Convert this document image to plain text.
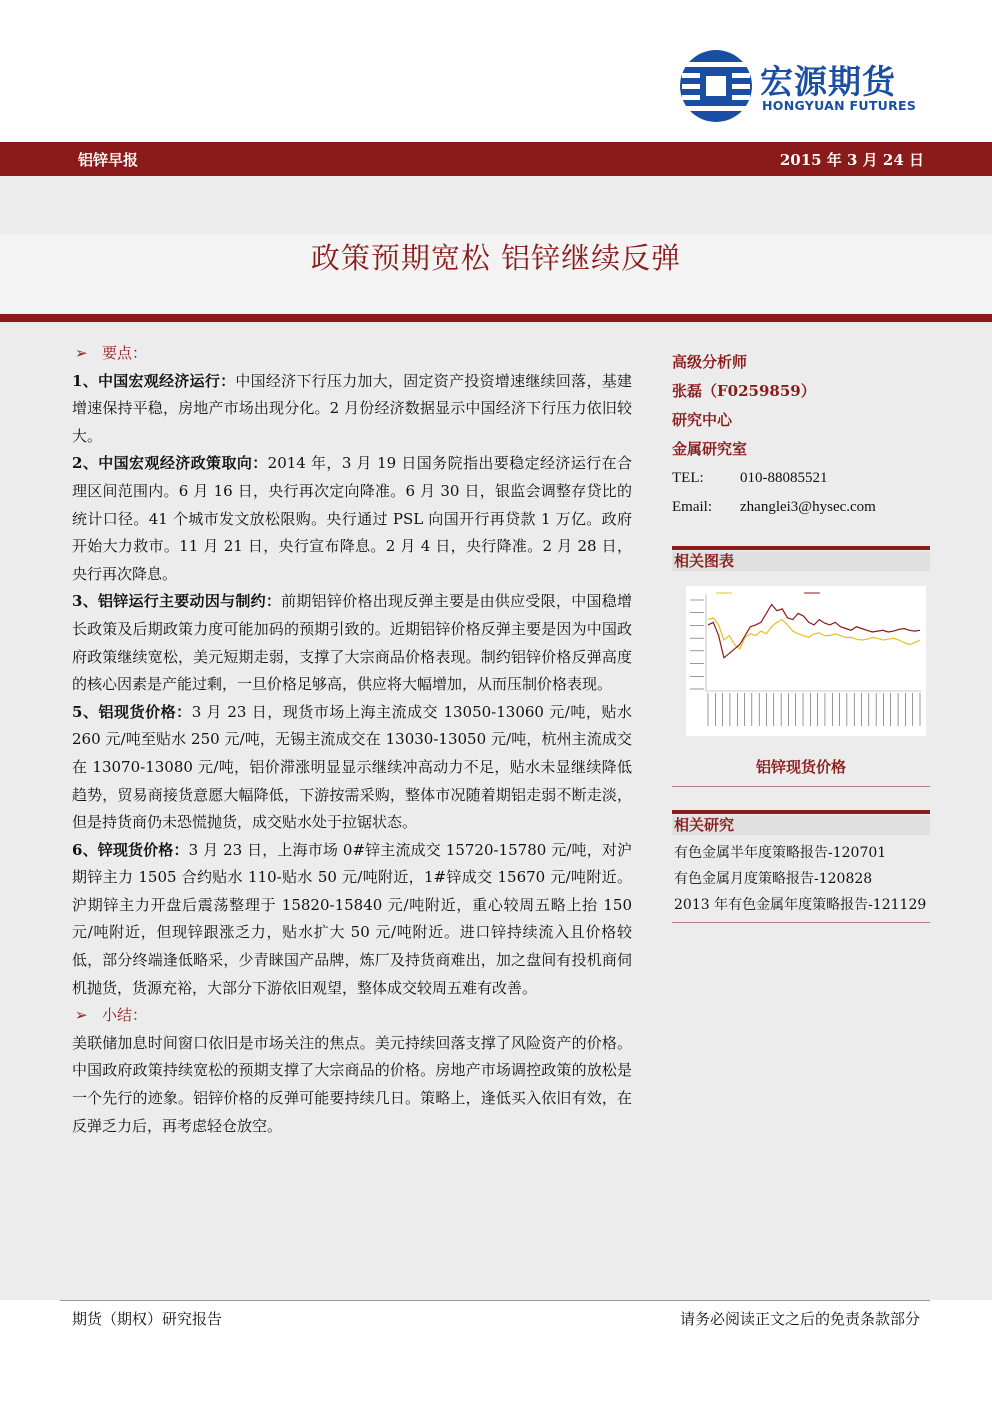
宏源期货
HONGYUAN FUTURES
铝锌早报	2015 年 3 月 24 日
政策预期宽松 铝锌继续反弹

➢ 要点：

1、中国宏观经济运行：中国经济下行压力加大，固定资产投资增速继续回落，基建增速保持平稳，房地产市场出现分化。2 月份经济数据显示中国经济下行压力依旧较大。

2、中国宏观经济政策取向：2014 年，3 月 19 日国务院指出要稳定经济运行在合理区间范围内。6 月 16 日，央行再次定向降准。6 月 30 日，银监会调整存贷比的统计口径。41 个城市发文放松限购。央行通过 PSL 向国开行再贷款 1 万亿。政府开始大力救市。11 月 21 日，央行宣布降息。2 月 4 日，央行降准。2 月 28 日，央行再次降息。

3、铝锌运行主要动因与制约：前期铝锌价格出现反弹主要是由供应受限，中国稳增长政策及后期政策力度可能加码的预期引致的。近期铝锌价格反弹主要是因为中国政府政策继续宽松，美元短期走弱，支撑了大宗商品价格表现。制约铝锌价格反弹高度的核心因素是产能过剩，一旦价格足够高，供应将大幅增加，从而压制价格表现。

5、铝现货价格：3 月 23 日，现货市场上海主流成交 13050-13060 元/吨，贴水 260 元/吨至贴水 250 元/吨，无锡主流成交在 13030-13050 元/吨，杭州主流成交在 13070-13080 元/吨，铝价滞涨明显显示继续冲高动力不足，贴水未显继续降低趋势，贸易商接货意愿大幅降低，下游按需采购，整体市况随着期铝走弱不断走淡，但是持货商仍未恐慌抛货，成交贴水处于拉锯状态。

6、锌现货价格：3 月 23 日，上海市场 0#锌主流成交 15720-15780 元/吨，对沪期锌主力 1505 合约贴水 110-贴水 50 元/吨附近，1#锌成交 15670 元/吨附近。沪期锌主力开盘后震荡整理于 15820-15840 元/吨附近，重心较周五略上抬 150 元/吨附近，但现锌跟涨乏力，贴水扩大 50 元/吨附近。进口锌持续流入且价格较低，部分终端逢低略采，少青睐国产品牌，炼厂及持货商难出，加之盘间有投机商伺机抛货，货源充裕，大部分下游依旧观望，整体成交较周五难有改善。

➢ 小结：

美联储加息时间窗口依旧是市场关注的焦点。美元持续回落支撑了风险资产的价格。中国政府政策持续宽松的预期支撑了大宗商品的价格。房地产市场调控政策的放松是一个先行的迹象。铝锌价格的反弹可能要持续几日。策略上，逢低买入依旧有效，在反弹乏力后，再考虑轻仓放空。

高级分析师
张磊（F0259859）
研究中心
金属研究室
TEL: 010-88085521
Email: zhanglei3@hysec.com
相关图表
铝锌现货价格
相关研究
有色金属半年度策略报告-120701
有色金属月度策略报告-120828
2013 年有色金属年度策略报告-121129
期货（期权）研究报告	请务必阅读正文之后的免责条款部分
